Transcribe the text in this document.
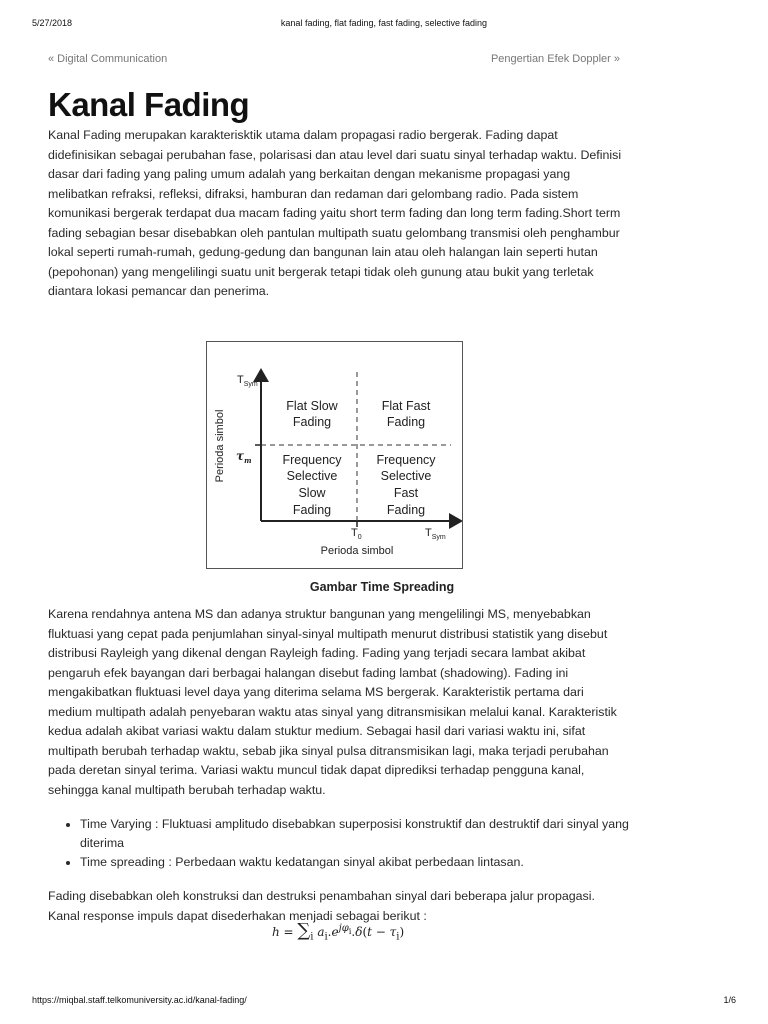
5/27/2018	kanal fading, flat fading, fast fading, selective fading
« Digital Communication	Pengertian Efek Doppler »
Kanal Fading

Kanal Fading merupakan karakterisktik utama dalam propagasi radio bergerak. Fading dapat didefinisikan sebagai perubahan fase, polarisasi dan atau level dari suatu sinyal terhadap waktu. Definisi dasar dari fading yang paling umum adalah yang berkaitan dengan mekanisme propagasi yang melibatkan refraksi, refleksi, difraksi, hamburan dan redaman dari gelombang radio. Pada sistem komunikasi bergerak terdapat dua macam fading yaitu short term fading dan long term fading.Short term fading sebagian besar disebabkan oleh pantulan multipath suatu gelombang transmisi oleh penghambur lokal seperti rumah-rumah, gedung-gedung dan bangunan lain atau oleh halangan lain seperti hutan (pepohonan) yang mengelilingi suatu unit bergerak tetapi tidak oleh gunung atau bukit yang terletak diantara lokasi pemancar dan penerima.

$T_{Sym}$
$\tau_m$
$T_0$	$T_{Sym}$
Perioda simbol
Perioda simbol
Flat Slow
Fading
Flat Fast
Fading
Frequency
Selective
Slow
Fading
Frequency
Selective
Fast
Fading
Gambar Time Spreading

Karena rendahnya antena MS dan adanya struktur bangunan yang mengelilingi MS, menyebabkan fluktuasi yang cepat pada penjumlahan sinyal-sinyal multipath menurut distribusi statistik yang disebut distribusi Rayleigh yang dikenal dengan Rayleigh fading. Fading yang terjadi secara lambat akibat pengaruh efek bayangan dari berbagai halangan disebut fading lambat (shadowing). Fading ini mengakibatkan fluktuasi level daya yang diterima selama MS bergerak. Karakteristik pertama dari medium multipath adalah penyebaran waktu atas sinyal yang ditransmisikan melalui kanal. Karakteristik kedua adalah akibat variasi waktu dalam stuktur medium. Sebagai hasil dari variasi waktu ini, sifat multipath berubah terhadap waktu, sebab jika sinyal pulsa ditransmisikan lagi, maka terjadi perubahan pada deretan sinyal terima. Variasi waktu muncul tidak dapat diprediksi terhadap pengguna kanal, sehingga kanal multipath berubah terhadap waktu.

• Time Varying : Fluktuasi amplitudo disebabkan superposisi konstruktif dan destruktif dari sinyal yang diterima
• Time spreading : Perbedaan waktu kedatangan sinyal akibat perbedaan lintasan.

Fading disebabkan oleh konstruksi dan destruksi penambahan sinyal dari beberapa jalur propagasi. Kanal response impuls dapat disederhakan menjadi sebagai berikut :

$h = \sum_i$ $a_i.e^{j\varphi_i}.\delta(t - \tau_i)$
https://miqbal.staff.telkomuniversity.ac.id/kanal-fading/	1/6
